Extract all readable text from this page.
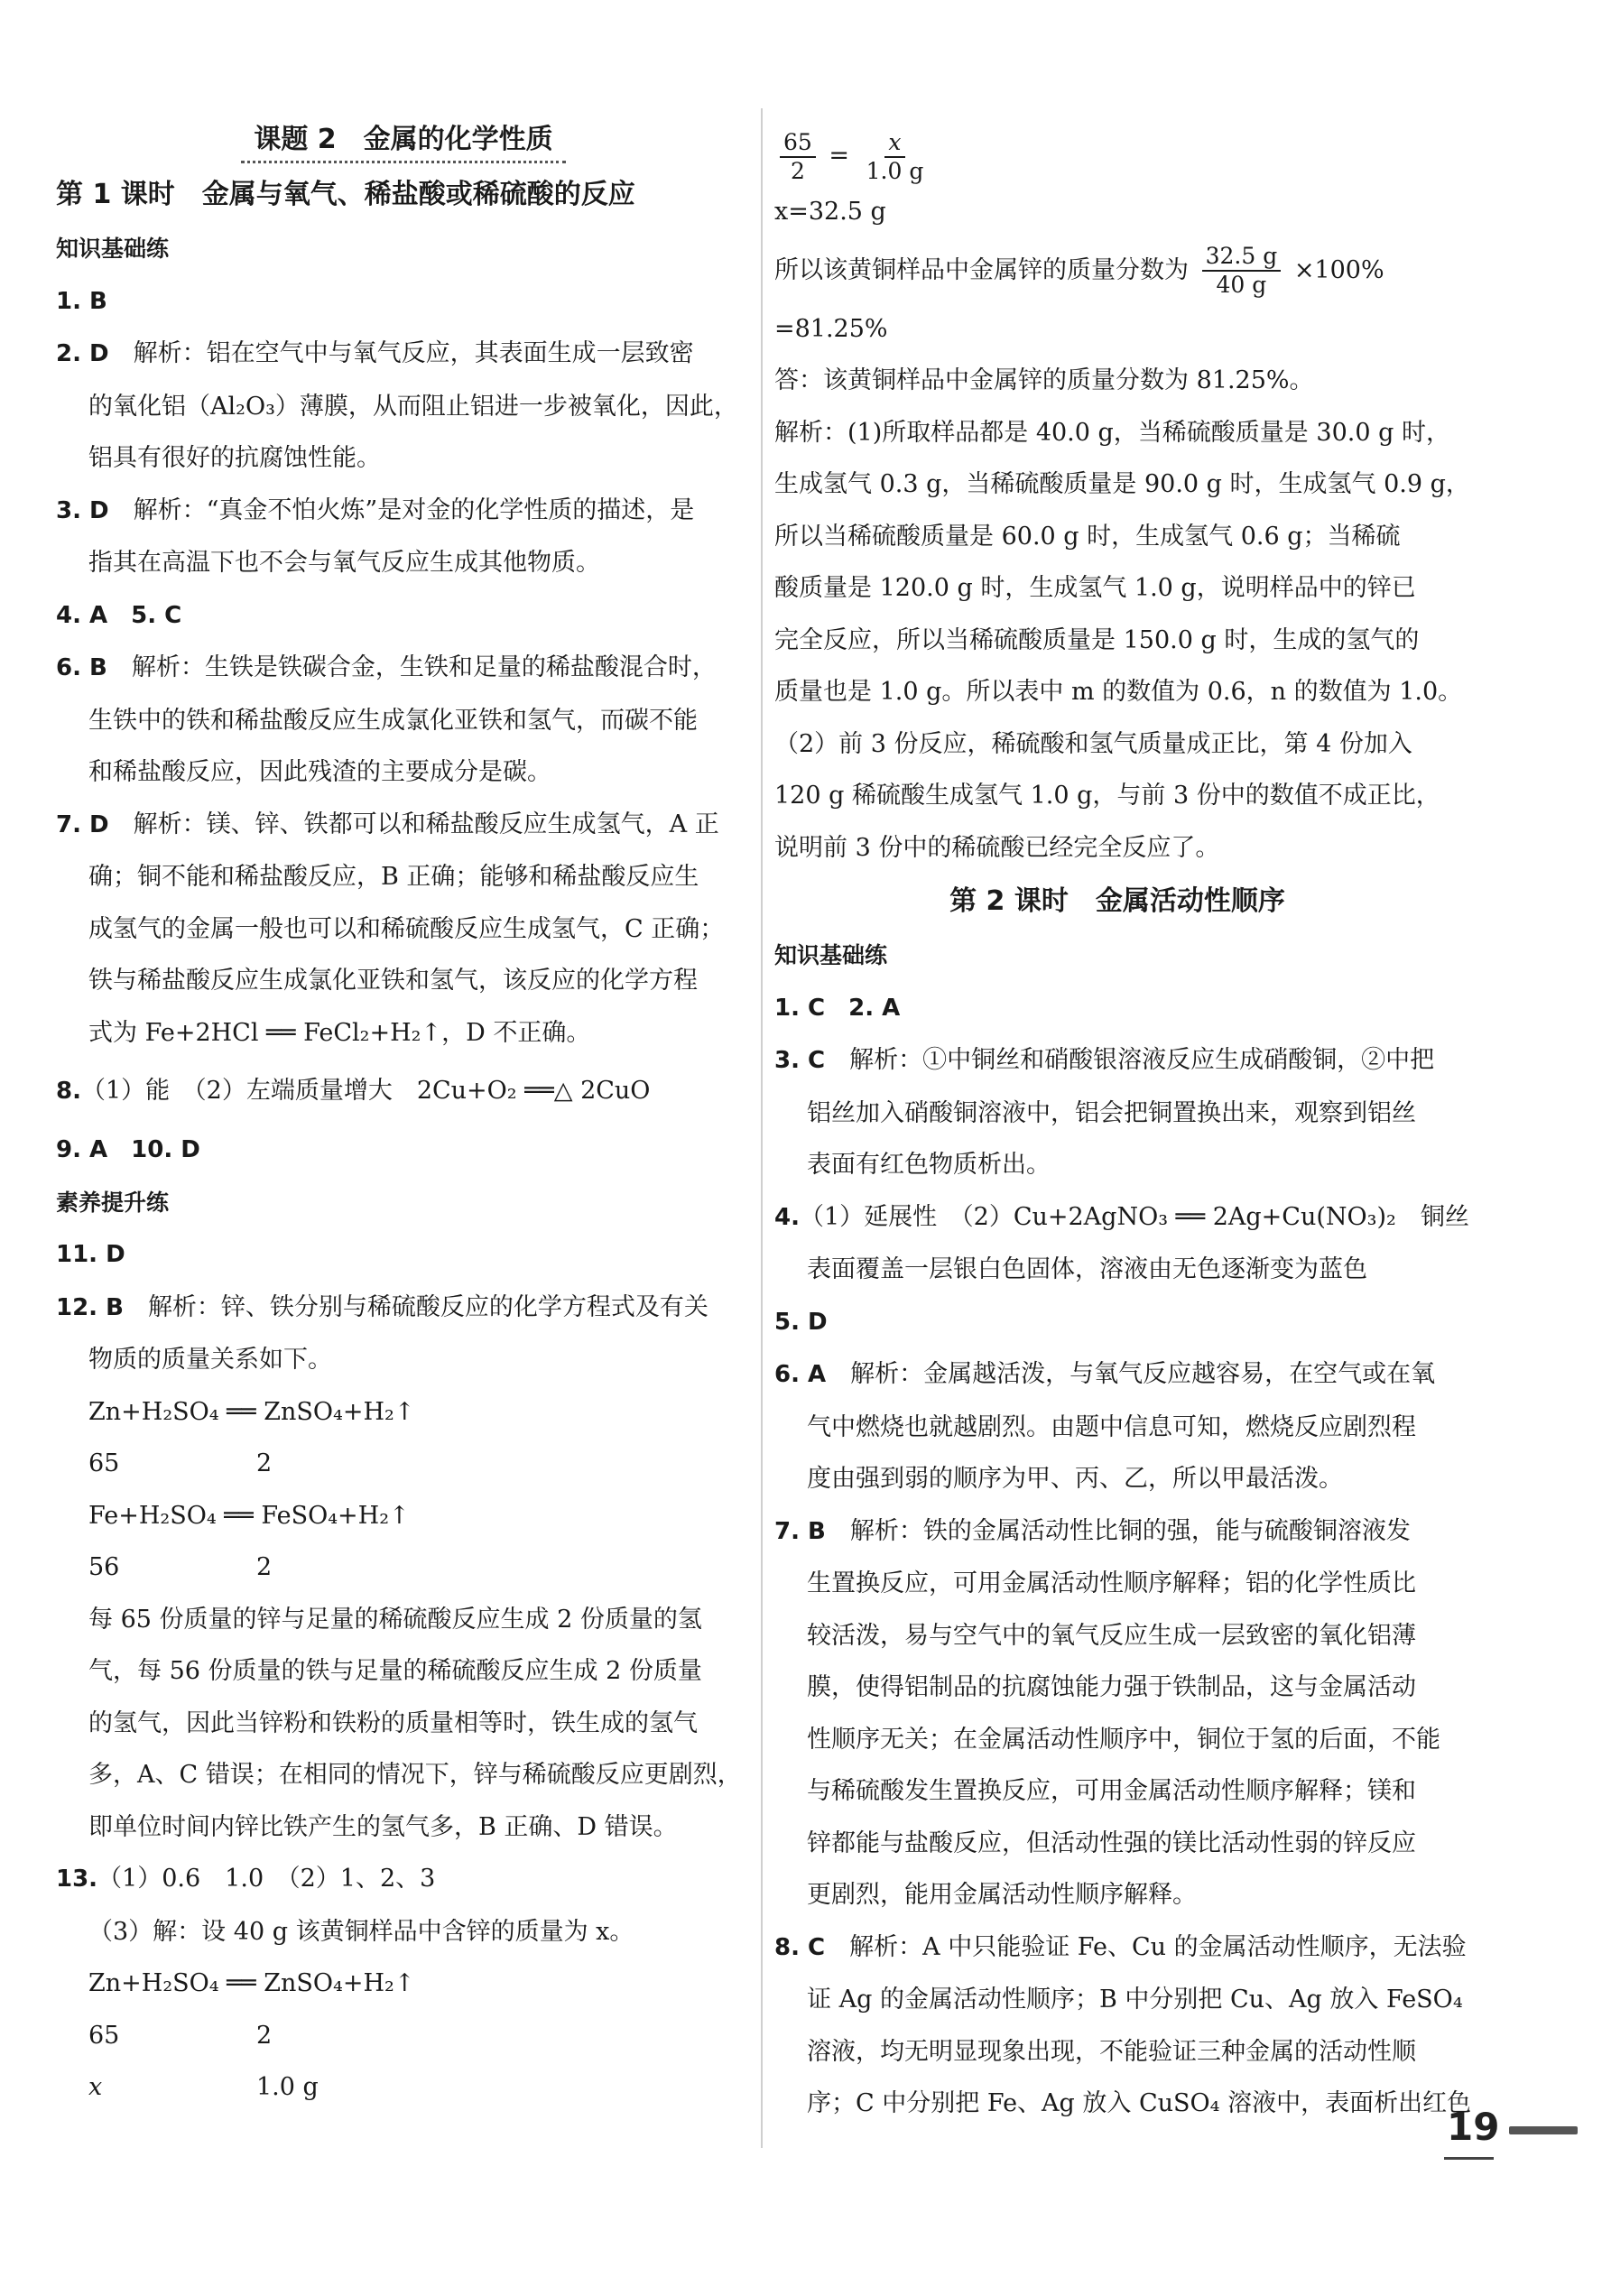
课题 2　金属的化学性质
第 1 课时　金属与氧气、稀盐酸或稀硫酸的反应
知识基础练
1. B
2. D　 解析：铝在空气中与氧气反应，其表面生成一层致密
的氧化铝（Al₂O₃）薄膜，从而阻止铝进一步被氧化，因此，
铝具有很好的抗腐蚀性能。
3. D　 解析：“真金不怕火炼”是对金的化学性质的描述，是
指其在高温下也不会与氧气反应生成其他物质。
4. A　5. C
6. B　 解析：生铁是铁碳合金，生铁和足量的稀盐酸混合时，
生铁中的铁和稀盐酸反应生成氯化亚铁和氢气，而碳不能
和稀盐酸反应，因此残渣的主要成分是碳。
7. D　 解析：镁、锌、铁都可以和稀盐酸反应生成氢气，A 正
确；铜不能和稀盐酸反应，B 正确；能够和稀盐酸反应生
成氢气的金属一般也可以和稀硫酸反应生成氢气，C 正确；
铁与稀盐酸反应生成氯化亚铁和氢气，该反应的化学方程
式为 Fe+2HCl ══ FeCl₂+H₂↑，D 不正确。
8.（1）能　（2）左端质量增大　2Cu+O₂ ══△ 2CuO
9. A　10. D
素养提升练
11. D
12. B　 解析：锌、铁分别与稀硫酸反应的化学方程式及有关
物质的质量关系如下。
Zn+H₂SO₄ ══ ZnSO₄+H₂↑
65	2
Fe+H₂SO₄ ══ FeSO₄+H₂↑
56	2
每 65 份质量的锌与足量的稀硫酸反应生成 2 份质量的氢
气，每 56 份质量的铁与足量的稀硫酸反应生成 2 份质量
的氢气，因此当锌粉和铁粉的质量相等时，铁生成的氢气
多，A、C 错误；在相同的情况下，锌与稀硫酸反应更剧烈，
即单位时间内锌比铁产生的氢气多，B 正确、D 错误。
13.（1）0.6　1.0　（2）1、2、3
（3）解：设 40 g 该黄铜样品中含锌的质量为 x。
Zn+H₂SO₄ ══ ZnSO₄+H₂↑
65	2
x	1.0 g
$\frac{65}{2} = \frac{x}{1.0 g}$
x=32.5 g
所以该黄铜样品中金属锌的质量分数为 $\frac{32.5 g}{40 g} \times 100\%$
=81.25%
答：该黄铜样品中金属锌的质量分数为 81.25%。
解析：(1)所取样品都是 40.0 g，当稀硫酸质量是 30.0 g 时，
生成氢气 0.3 g，当稀硫酸质量是 90.0 g 时，生成氢气 0.9 g，
所以当稀硫酸质量是 60.0 g 时，生成氢气 0.6 g；当稀硫
酸质量是 120.0 g 时，生成氢气 1.0 g，说明样品中的锌已
完全反应，所以当稀硫酸质量是 150.0 g 时，生成的氢气的
质量也是 1.0 g。所以表中 m 的数值为 0.6，n 的数值为 1.0。
（2）前 3 份反应，稀硫酸和氢气质量成正比，第 4 份加入
120 g 稀硫酸生成氢气 1.0 g，与前 3 份中的数值不成正比，
说明前 3 份中的稀硫酸已经完全反应了。
第 2 课时　金属活动性顺序
知识基础练
1. C　2. A
3. C　 解析：①中铜丝和硝酸银溶液反应生成硝酸铜，②中把
铝丝加入硝酸铜溶液中，铝会把铜置换出来，观察到铝丝
表面有红色物质析出。
4.（1）延展性　（2）Cu+2AgNO₃ ══ 2Ag+Cu(NO₃)₂　铜丝
表面覆盖一层银白色固体，溶液由无色逐渐变为蓝色
5. D
6. A　 解析：金属越活泼，与氧气反应越容易，在空气或在氧
气中燃烧也就越剧烈。由题中信息可知，燃烧反应剧烈程
度由强到弱的顺序为甲、丙、乙，所以甲最活泼。
7. B　 解析：铁的金属活动性比铜的强，能与硫酸铜溶液发
生置换反应，可用金属活动性顺序解释；铝的化学性质比
较活泼，易与空气中的氧气反应生成一层致密的氧化铝薄
膜，使得铝制品的抗腐蚀能力强于铁制品，这与金属活动
性顺序无关；在金属活动性顺序中，铜位于氢的后面，不能
与稀硫酸发生置换反应，可用金属活动性顺序解释；镁和
锌都能与盐酸反应，但活动性强的镁比活动性弱的锌反应
更剧烈，能用金属活动性顺序解释。
8. C　 解析：A 中只能验证 Fe、Cu 的金属活动性顺序，无法验
证 Ag 的金属活动性顺序；B 中分别把 Cu、Ag 放入 FeSO₄
溶液，均无明显现象出现，不能验证三种金属的活动性顺
序；C 中分别把 Fe、Ag 放入 CuSO₄ 溶液中，表面析出红色
19
